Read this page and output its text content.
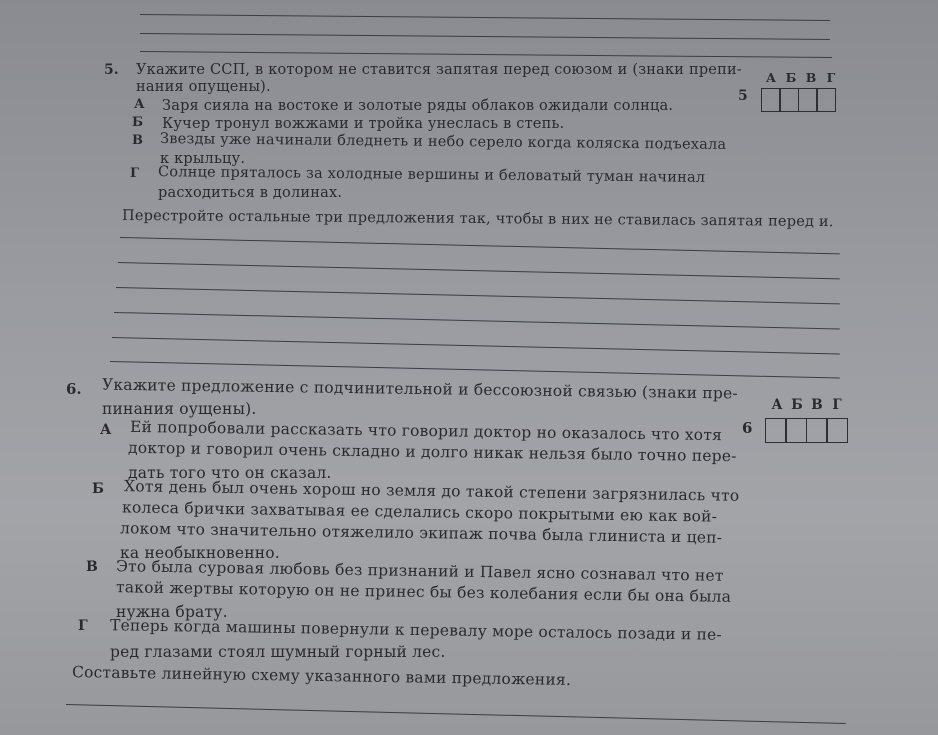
5. Укажите ССП, в котором не ставится запятая перед союзом и (знаки препи-
нания опущены).
А Заря сияла на востоке и золотые ряды облаков ожидали солнца.
Б Кучер тронул вожжами и тройка унеслась в степь.
В Звезды уже начинали бледнеть и небо серело когда коляска подъехала
к крыльцу.
Г Солнце пряталось за холодные вершины и беловатый туман начинал
расходиться в долинах.
Перестройте остальные три предложения так, чтобы в них не ставилась запятая перед и.
А Б В Г
5
6. Укажите предложение с подчинительной и бессоюзной связью (знаки пре-
пинания оущены).
А Ей попробовали рассказать что говорил доктор но оказалось что хотя
доктор и говорил очень складно и долго никак нельзя было точно пере-
дать того что он сказал.
Б Хотя день был очень хорош но земля до такой степени загрязнилась что
колеса брички захватывая ее сделались скоро покрытыми ею как вой-
локом что значительно отяжелило экипаж почва была глиниста и цеп-
ка необыкновенно.
В Это была суровая любовь без признаний и Павел ясно сознавал что нет
такой жертвы которую он не принес бы без колебания если бы она была
нужна брату.
Г Теперь когда машины повернули к перевалу море осталось позади и пе-
ред глазами стоял шумный горный лес.
Составьте линейную схему указанного вами предложения.
А Б В Г
6
